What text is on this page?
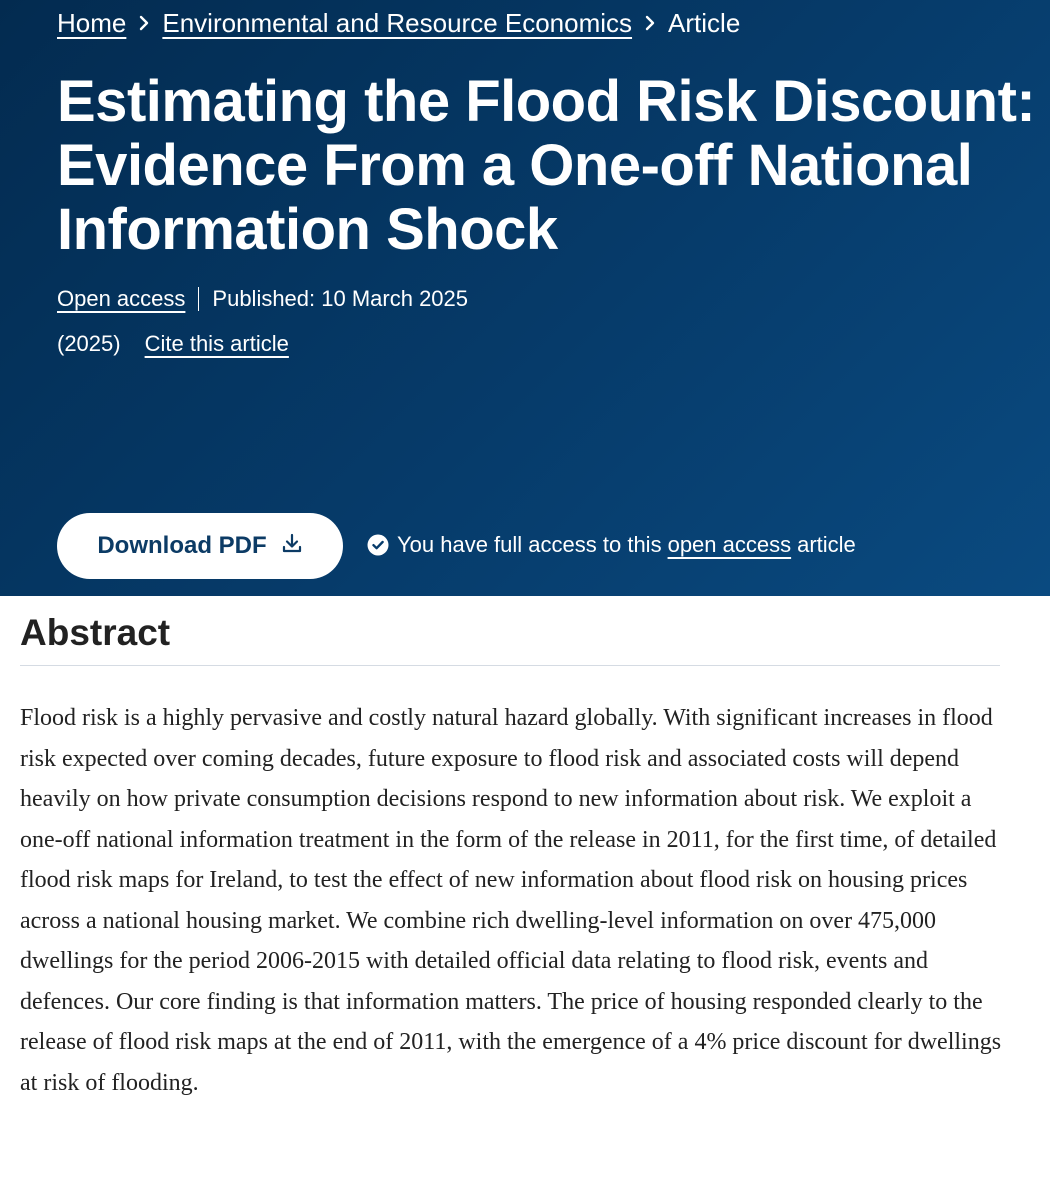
Home Environmental and Resource Economics Article
Estimating the Flood Risk Discount: Evidence From a One-off National Information Shock
Open access Published: 10 March 2025
(2025) Cite this article
Download PDF	You have full access to this open access article
Abstract

Flood risk is a highly pervasive and costly natural hazard globally. With significant increases in flood risk expected over coming decades, future exposure to flood risk and associated costs will depend heavily on how private consumption decisions respond to new information about risk. We exploit a one-off national information treatment in the form of the release in 2011, for the first time, of detailed flood risk maps for Ireland, to test the effect of new information about flood risk on housing prices across a national housing market. We combine rich dwelling-level information on over 475,000 dwellings for the period 2006-2015 with detailed official data relating to flood risk, events and defences. Our core finding is that information matters. The price of housing responded clearly to the release of flood risk maps at the end of 2011, with the emergence of a 4% price discount for dwellings at risk of flooding.
